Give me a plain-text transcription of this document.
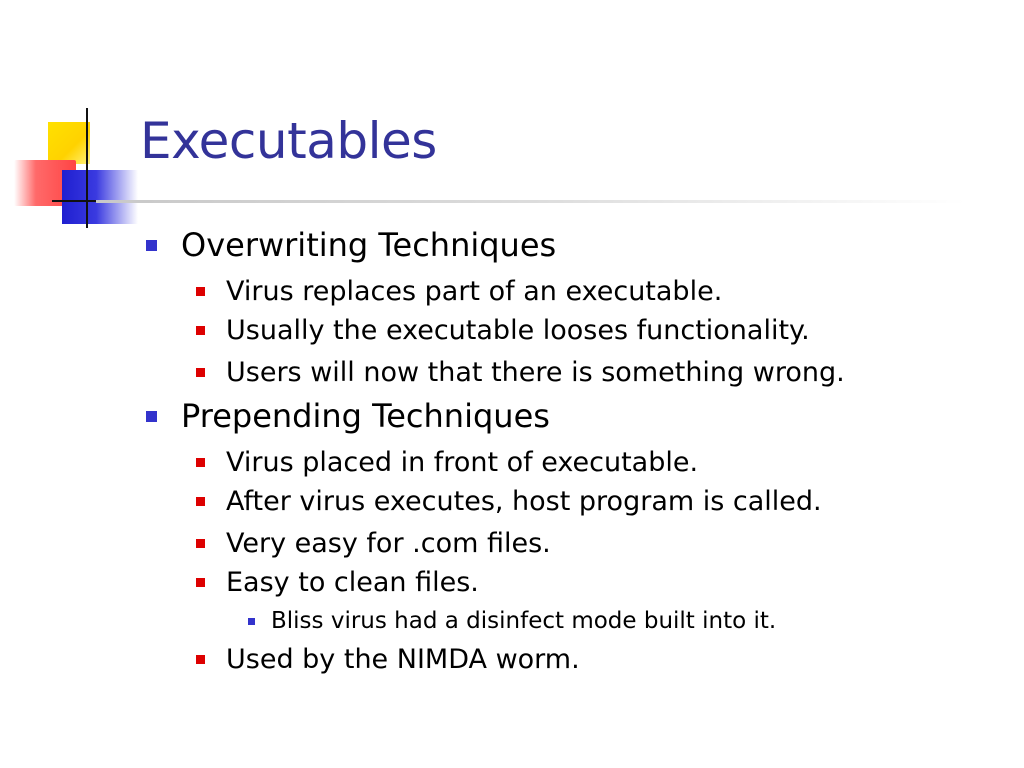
Executables
Overwriting Techniques
Virus replaces part of an executable.
Usually the executable looses functionality.
Users will now that there is something wrong.
Prepending Techniques
Virus placed in front of executable.
After virus executes, host program is called.
Very easy for .com files.
Easy to clean files.
Bliss virus had a disinfect mode built into it.
Used by the NIMDA worm.
